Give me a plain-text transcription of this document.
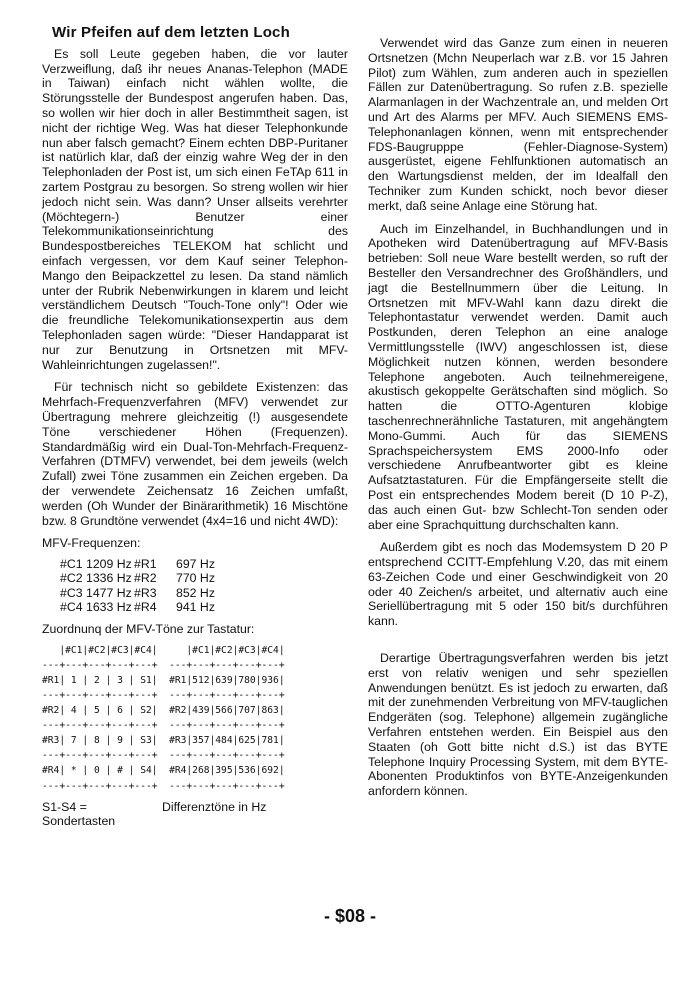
Wir Pfeifen auf dem letzten Loch

Es soll Leute gegeben haben, die vor lauter Verzweiflung, daß ihr neues Ananas-Telephon (MADE in Taiwan) einfach nicht wählen wollte, die Störungsstelle der Bundespost angerufen haben. Das, so wollen wir hier doch in aller Bestimmtheit sagen, ist nicht der richtige Weg. Was hat dieser Telephonkunde nun aber falsch gemacht? Einem echten DBP-Puritaner ist natürlich klar, daß der einzig wahre Weg der in den Telephonladen der Post ist, um sich einen FeTAp 611 in zartem Postgrau zu besorgen. So streng wollen wir hier jedoch nicht sein. Was dann? Unser allseits verehrter (Möchtegern-) Benutzer einer Telekommunikationseinrichtung des Bundespostbereiches TELEKOM hat schlicht und einfach vergessen, vor dem Kauf seiner Telephon-Mango den Beipackzettel zu lesen. Da stand nämlich unter der Rubrik Nebenwirkungen in klarem und leicht verständlichem Deutsch "Touch-Tone only"! Oder wie die freundliche Telekomunikationsexpertin aus dem Telephonladen sagen würde: "Dieser Handapparat ist nur zur Benutzung in Ortsnetzen mit MFV-Wahleinrichtungen zugelassen!".

Für technisch nicht so gebildete Existenzen: das Mehrfach-Frequenzverfahren (MFV) verwendet zur Übertragung mehrere gleichzeitig (!) ausgesendete Töne verschiedener Höhen (Frequenzen). Standardmäßig wird ein Dual-Ton-Mehrfach-Frequenz-Verfahren (DTMFV) verwendet, bei dem jeweils (welch Zufall) zwei Töne zusammen ein Zeichen ergeben. Da der verwendete Zeichensatz 16 Zeichen umfaßt, werden (Oh Wunder der Binärarithmetik) 16 Mischtöne bzw. 8 Grundtöne verwendet (4x4=16 und nicht 4WD):

MFV-Frequenzen:
#C1 1209 Hz #R1	697 Hz
#C2 1336 Hz #R2	770 Hz
#C3 1477 Hz #R3	852 Hz
#C4 1633 Hz #R4	941 Hz
Zuordnunq der MFV-Töne zur Tastatur:
|#C1|#C2|#C3|#C4|     |#C1|#C2|#C3|#C4|
---+---+---+---+---+  ---+---+---+---+---+
#R1| 1 | 2 | 3 | S1|  #R1|512|639|780|936|
---+---+---+---+---+  ---+---+---+---+---+
#R2| 4 | 5 | 6 | S2|  #R2|439|566|707|863|
---+---+---+---+---+  ---+---+---+---+---+
#R3| 7 | 8 | 9 | S3|  #R3|357|484|625|781|
---+---+---+---+---+  ---+---+---+---+---+
#R4| * | 0 | # | S4|  #R4|268|395|536|692|
---+---+---+---+---+  ---+---+---+---+---+
S1-S4 = Sondertasten
Differenztöne in Hz

Verwendet wird das Ganze zum einen in neueren Ortsnetzen (Mchn Neuperlach war z.B. vor 15 Jahren Pilot) zum Wählen, zum anderen auch in speziellen Fällen zur Datenübertragung. So rufen z.B. spezielle Alarmanlagen in der Wachzentrale an, und melden Ort und Art des Alarms per MFV. Auch SIEMENS EMS-Telephonanlagen können, wenn mit entsprechender FDS-Baugrupppe (Fehler-Diagnose-System) ausgerüstet, eigene Fehlfunktionen automatisch an den Wartungsdienst melden, der im Idealfall den Techniker zum Kunden schickt, noch bevor dieser merkt, daß seine Anlage eine Störung hat.

Auch im Einzelhandel, in Buchhandlungen und in Apotheken wird Datenübertragung auf MFV-Basis betrieben: Soll neue Ware bestellt werden, so ruft der Besteller den Versandrechner des Großhändlers, und jagt die Bestellnummern über die Leitung. In Ortsnetzen mit MFV-Wahl kann dazu direkt die Telephontastatur verwendet werden. Damit auch Postkunden, deren Telephon an eine analoge Vermittlungsstelle (IWV) angeschlossen ist, diese Möglichkeit nutzen können, werden besondere Telephone angeboten. Auch teilnehmereigene, akustisch gekoppelte Gerätschaften sind möglich. So hatten die OTTO-Agenturen klobige taschenrechnerähnliche Tastaturen, mit angehängtem Mono-Gummi. Auch für das SIEMENS Sprachspeichersystem EMS 2000-Info oder verschiedene Anrufbeantworter gibt es kleine Aufsatztastaturen. Für die Empfängerseite stellt die Post ein entsprechendes Modem bereit (D 10 P-Z), das auch einen Gut- bzw Schlecht-Ton senden oder aber eine Sprachquittung durchschalten kann.

Außerdem gibt es noch das Modemsystem D 20 P entsprechend CCITT-Empfehlung V.20, das mit einem 63-Zeichen Code und einer Geschwindigkeit von 20 oder 40 Zeichen/s arbeitet, und alternativ auch eine Seriellübertragung mit 5 oder 150 bit/s durchführen kann.

Derartige Übertragungsverfahren werden bis jetzt erst von relativ wenigen und sehr speziellen Anwendungen benützt. Es ist jedoch zu erwarten, daß mit der zunehmenden Verbreitung von MFV-tauglichen Endgeräten (sog. Telephone) allgemein zugängliche Verfahren entstehen werden. Ein Beispiel aus den Staaten (oh Gott bitte nicht d.S.) ist das BYTE Telephone Inquiry Processing System, mit dem BYTE-Abonenten Produktinfos von BYTE-Anzeigenkunden anfordern können.

- $08 -
